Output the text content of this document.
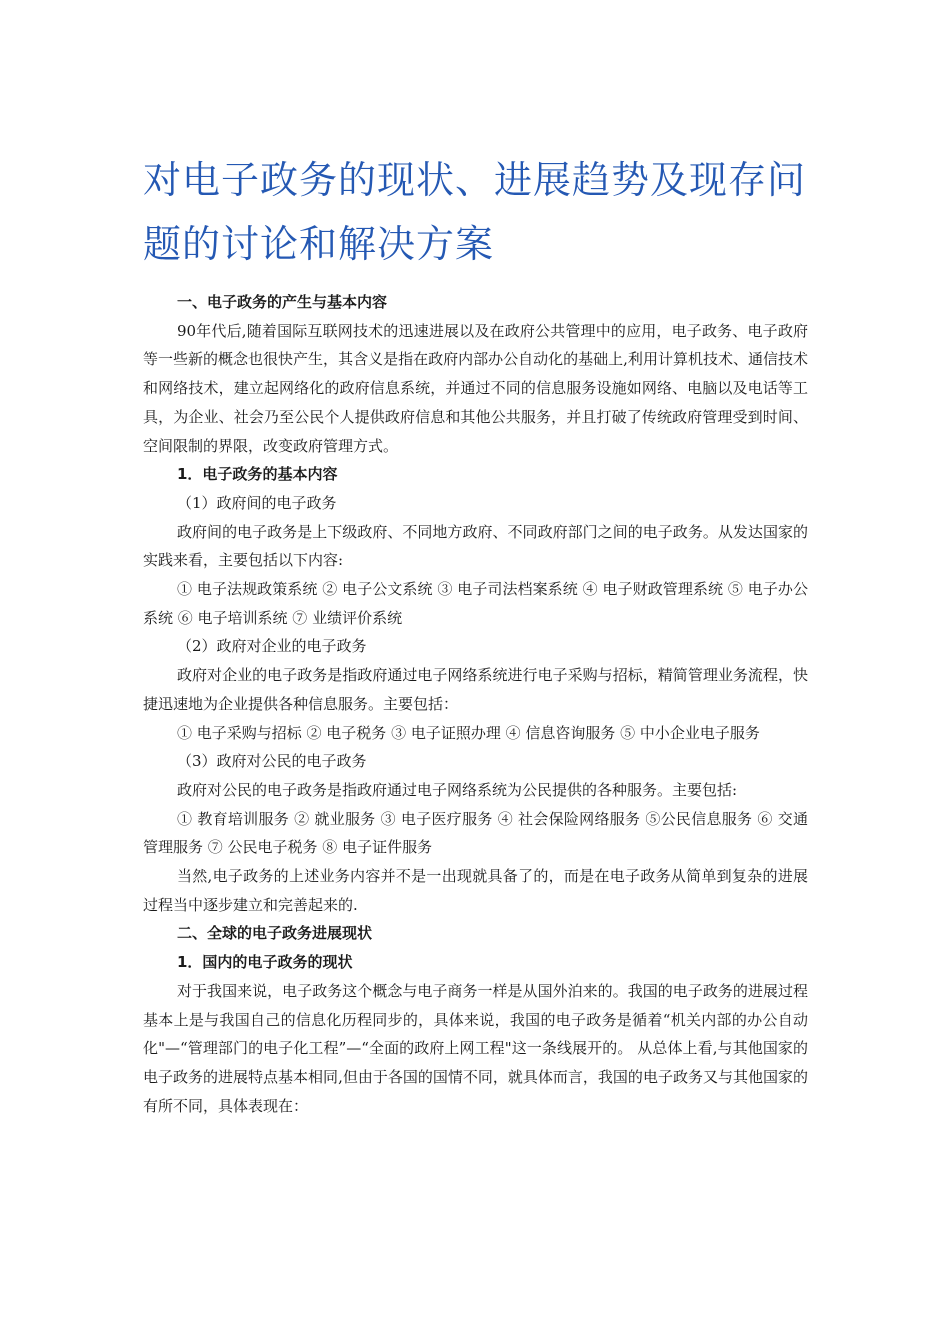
对电子政务的现状、进展趋势及现存问题的讨论和解决方案

一、电子政务的产生与基本内容

90年代后,随着国际互联网技术的迅速进展以及在政府公共管理中的应用，电子政务、电子政府等一些新的概念也很快产生，其含义是指在政府内部办公自动化的基础上,利用计算机技术、通信技术和网络技术，建立起网络化的政府信息系统，并通过不同的信息服务设施如网络、电脑以及电话等工具，为企业、社会乃至公民个人提供政府信息和其他公共服务，并且打破了传统政府管理受到时间、空间限制的界限，改变政府管理方式。

1．电子政务的基本内容

（1）政府间的电子政务

政府间的电子政务是上下级政府、不同地方政府、不同政府部门之间的电子政务。从发达国家的实践来看，主要包括以下内容:

① 电子法规政策系统 ② 电子公文系统 ③ 电子司法档案系统 ④ 电子财政管理系统 ⑤ 电子办公系统 ⑥ 电子培训系统 ⑦ 业绩评价系统

（2）政府对企业的电子政务

政府对企业的电子政务是指政府通过电子网络系统进行电子采购与招标，精简管理业务流程，快捷迅速地为企业提供各种信息服务。主要包括：

① 电子采购与招标 ② 电子税务 ③ 电子证照办理 ④ 信息咨询服务 ⑤ 中小企业电子服务

（3）政府对公民的电子政务

政府对公民的电子政务是指政府通过电子网络系统为公民提供的各种服务。主要包括:

① 教育培训服务 ② 就业服务 ③ 电子医疗服务 ④ 社会保险网络服务 ⑤公民信息服务 ⑥ 交通管理服务 ⑦ 公民电子税务 ⑧ 电子证件服务

当然,电子政务的上述业务内容并不是一出现就具备了的，而是在电子政务从简单到复杂的进展过程当中逐步建立和完善起来的.

二、全球的电子政务进展现状

1．国内的电子政务的现状

对于我国来说，电子政务这个概念与电子商务一样是从国外泊来的。我国的电子政务的进展过程基本上是与我国自己的信息化历程同步的，具体来说，我国的电子政务是循着“机关内部的办公自动化"—“管理部门的电子化工程”—“全面的政府上网工程"这一条线展开的。 从总体上看,与其他国家的电子政务的进展特点基本相同,但由于各国的国情不同，就具体而言，我国的电子政务又与其他国家的有所不同，具体表现在：
